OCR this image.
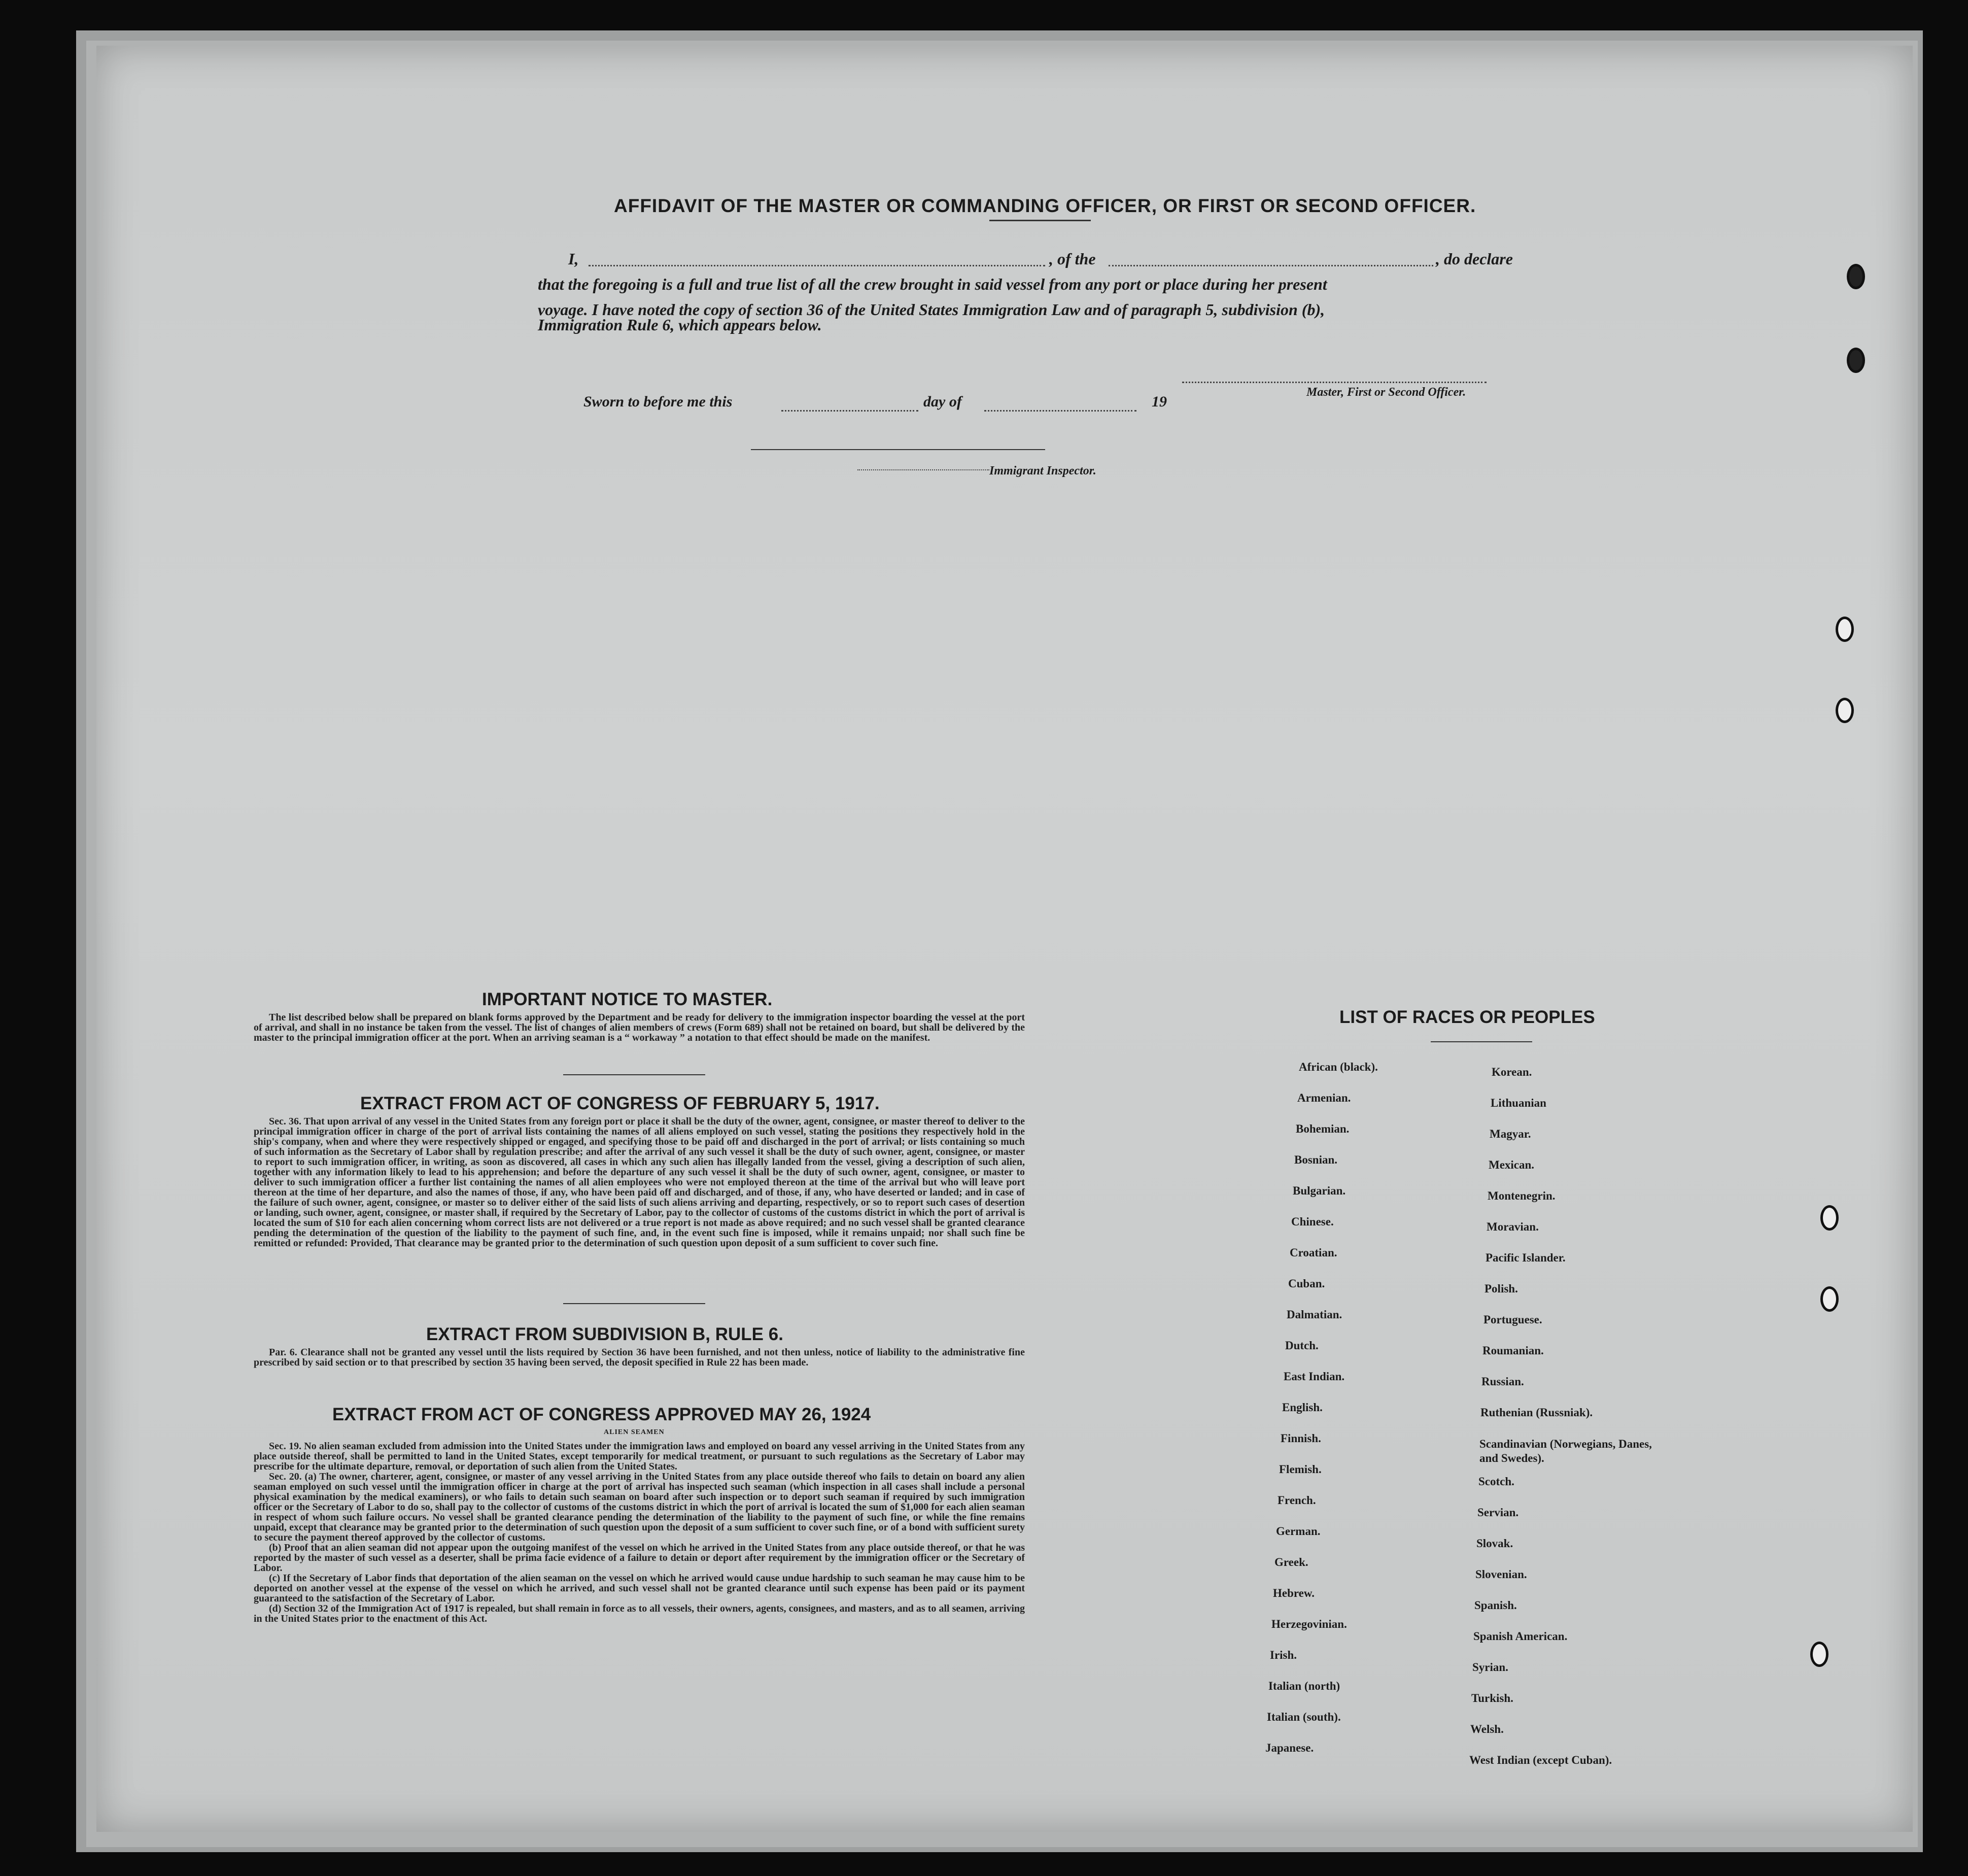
AFFIDAVIT OF THE MASTER OR COMMANDING OFFICER, OR FIRST OR SECOND OFFICER.
I,	, of the	, do declare
that the foregoing is a full and true list of all the crew brought in said vessel from any port or place during her present
voyage. I have noted the copy of section 36 of the United States Immigration Law and of paragraph 5, subdivision (b),
Immigration Rule 6, which appears below.
Master, First or Second Officer.
Sworn to before me this	day of	19
Immigrant Inspector.
IMPORTANT NOTICE TO MASTER.

The list described below shall be prepared on blank forms approved by the Department and be ready for delivery to the immigration inspector boarding the vessel at the port of arrival, and shall in no instance be taken from the vessel. The list of changes of alien members of crews (Form 689) shall not be retained on board, but shall be delivered by the master to the principal immigration officer at the port. When an arriving seaman is a “ workaway ” a notation to that effect should be made on the manifest.

EXTRACT FROM ACT OF CONGRESS OF FEBRUARY 5, 1917.

Sec. 36. That upon arrival of any vessel in the United States from any foreign port or place it shall be the duty of the owner, agent, consignee, or master thereof to deliver to the principal immigration officer in charge of the port of arrival lists containing the names of all aliens employed on such vessel, stating the positions they respectively hold in the ship's company, when and where they were respectively shipped or engaged, and specifying those to be paid off and discharged in the port of arrival; or lists containing so much of such information as the Secretary of Labor shall by regulation prescribe; and after the arrival of any such vessel it shall be the duty of such owner, agent, consignee, or master to report to such immigration officer, in writing, as soon as discovered, all cases in which any such alien has illegally landed from the vessel, giving a description of such alien, together with any information likely to lead to his apprehension; and before the departure of any such vessel it shall be the duty of such owner, agent, consignee, or master to deliver to such immigration officer a further list containing the names of all alien employees who were not employed thereon at the time of the arrival but who will leave port thereon at the time of her departure, and also the names of those, if any, who have been paid off and discharged, and of those, if any, who have deserted or landed; and in case of the failure of such owner, agent, consignee, or master so to deliver either of the said lists of such aliens arriving and departing, respectively, or so to report such cases of desertion or landing, such owner, agent, consignee, or master shall, if required by the Secretary of Labor, pay to the collector of customs of the customs district in which the port of arrival is located the sum of $10 for each alien concerning whom correct lists are not delivered or a true report is not made as above required; and no such vessel shall be granted clearance pending the determination of the question of the liability to the payment of such fine, and, in the event such fine is imposed, while it remains unpaid; nor shall such fine be remitted or refunded: Provided, That clearance may be granted prior to the determination of such question upon deposit of a sum sufficient to cover such fine.

EXTRACT FROM SUBDIVISION B, RULE 6.

Par. 6. Clearance shall not be granted any vessel until the lists required by Section 36 have been furnished, and not then unless, notice of liability to the administrative fine prescribed by said section or to that prescribed by section 35 having been served, the deposit specified in Rule 22 has been made.

EXTRACT FROM ACT OF CONGRESS APPROVED MAY 26, 1924
ALIEN SEAMEN

Sec. 19. No alien seaman excluded from admission into the United States under the immigration laws and employed on board any vessel arriving in the United States from any place outside thereof, shall be permitted to land in the United States, except temporarily for medical treatment, or pursuant to such regulations as the Secretary of Labor may prescribe for the ultimate departure, removal, or deportation of such alien from the United States.

Sec. 20. (a) The owner, charterer, agent, consignee, or master of any vessel arriving in the United States from any place outside thereof who fails to detain on board any alien seaman employed on such vessel until the immigration officer in charge at the port of arrival has inspected such seaman (which inspection in all cases shall include a personal physical examination by the medical examiners), or who fails to detain such seaman on board after such inspection or to deport such seaman if required by such immigration officer or the Secretary of Labor to do so, shall pay to the collector of customs of the customs district in which the port of arrival is located the sum of $1,000 for each alien seaman in respect of whom such failure occurs. No vessel shall be granted clearance pending the determination of the liability to the payment of such fine, or while the fine remains unpaid, except that clearance may be granted prior to the determination of such question upon the deposit of a sum sufficient to cover such fine, or of a bond with sufficient surety to secure the payment thereof approved by the collector of customs.

(b) Proof that an alien seaman did not appear upon the outgoing manifest of the vessel on which he arrived in the United States from any place outside thereof, or that he was reported by the master of such vessel as a deserter, shall be prima facie evidence of a failure to detain or deport after requirement by the immigration officer or the Secretary of Labor.

(c) If the Secretary of Labor finds that deportation of the alien seaman on the vessel on which he arrived would cause undue hardship to such seaman he may cause him to be deported on another vessel at the expense of the vessel on which he arrived, and such vessel shall not be granted clearance until such expense has been paid or its payment guaranteed to the satisfaction of the Secretary of Labor.

(d) Section 32 of the Immigration Act of 1917 is repealed, but shall remain in force as to all vessels, their owners, agents, consignees, and masters, and as to all seamen, arriving in the United States prior to the enactment of this Act.

LIST OF RACES OR PEOPLES
African (black).
Armenian.
Bohemian.
Bosnian.
Bulgarian.
Chinese.
Croatian.
Cuban.
Dalmatian.
Dutch.
East Indian.
English.
Finnish.
Flemish.
French.
German.
Greek.
Hebrew.
Herzegovinian.
Irish.
Italian (north)
Italian (south).
Japanese.
Korean.
Lithuanian
Magyar.
Mexican.
Montenegrin.
Moravian.
Pacific Islander.
Polish.
Portuguese.
Roumanian.
Russian.
Ruthenian (Russniak).
Scandinavian (Norwegians, Danes, and Swedes).
Scotch.
Servian.
Slovak.
Slovenian.
Spanish.
Spanish American.
Syrian.
Turkish.
Welsh.
West Indian (except Cuban).
